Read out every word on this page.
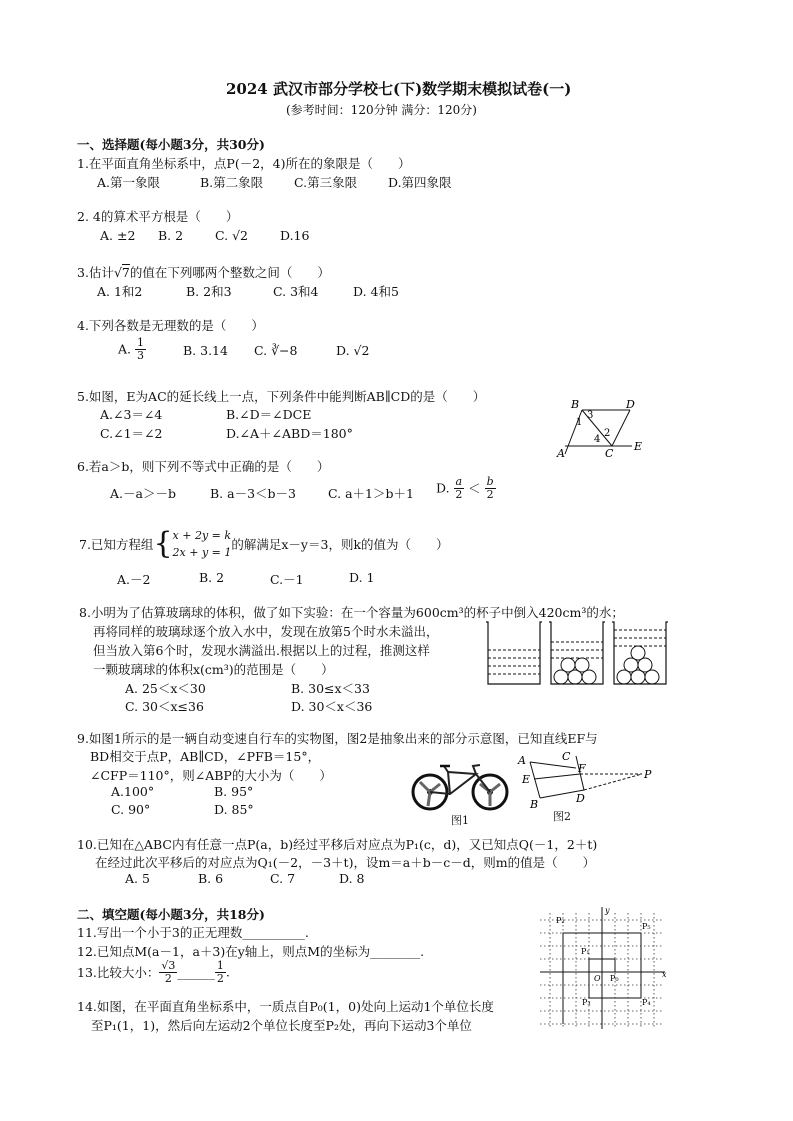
2024 武汉市部分学校七(下)数学期末模拟试卷(一)
(参考时间：120分钟 满分：120分)
一、选择题(每小题3分，共30分)
1.在平面直角坐标系中，点P(－2，4)所在的象限是（　　）
A.第一象限	B.第二象限 C.第三象限 D.第四象限
2. 4的算术平方根是（　　）
A. ±2 B. 2	C. √2	D.16
3.估计√7的值在下列哪两个整数之间（　　）
A. 1和2	B. 2和3	C. 3和4	D. 4和5
4.下列各数是无理数的是（　　）
A. $\frac{1}{3}$	B. 3.14 C. ∛−8	D. √2
5.如图，E为AC的延长线上一点，下列条件中能判断AB∥CD的是（　　）
A.∠3＝∠4	B.∠D＝∠DCE
C.∠1＝∠2	D.∠A＋∠ABD＝180°
B	D
A	C
E
1
2
3
4
6.若a＞b，则下列不等式中正确的是（　　）
A.－a＞－b	B. a－3＜b－3	C. a＋1＞b＋1 D. $\frac{a}{2} < \frac{b}{2}$
7.已知方程组{ x + 2y = k
2x + y = 1
的解满足x－y＝3，则k的值为（　　）
A.－2	B. 2	C.－1	D. 1
8.小明为了估算玻璃球的体积，做了如下实验：在一个容量为600cm³的杯子中倒入420cm³的水；
再将同样的玻璃球逐个放入水中，发现在放第5个时水未溢出，
但当放入第6个时，发现水满溢出.根据以上的过程，推测这样
一颗玻璃球的体积x(cm³)的范围是（　　）
A. 25＜x＜30	B. 30≤x＜33
C. 30＜x≤36	D. 30＜x＜36
9.如图1所示的是一辆自动变速自行车的实物图，图2是抽象出来的部分示意图，已知直线EF与
BD相交于点P，AB∥CD，∠PFB＝15°，
∠CFP＝110°，则∠ABP的大小为（　　）
A.100°	B. 95°
C. 90°	D. 85°
图1
A	C
E
F	P
B	D
图2
10.已知在△ABC内有任意一点P(a，b)经过平移后对应点为P₁(c，d)，又已知点Q(－1，2＋t)
在经过此次平移后的对应点为Q₁(－2，－3＋t)，设m＝a＋b－c－d，则m的值是（　　）
A. 5	B. 6	C. 7	D. 8
二、填空题(每小题3分，共18分)
11.写出一个小于3的正无理数__________.
12.已知点M(a－1，a＋3)在y轴上，则点M的坐标为________.
13.比较大小： $\frac{√3}{2}$ ______ $\frac{1}{2}$ .
14.如图，在平面直角坐标系中，一质点自P₀(1，0)处向上运动1个单位长度
至P₁(1，1)，然后向左运动2个单位长度至P₂处，再向下运动3个单位
P₂
y
P₅
P₁
O P₀	x
P₃	P₄
